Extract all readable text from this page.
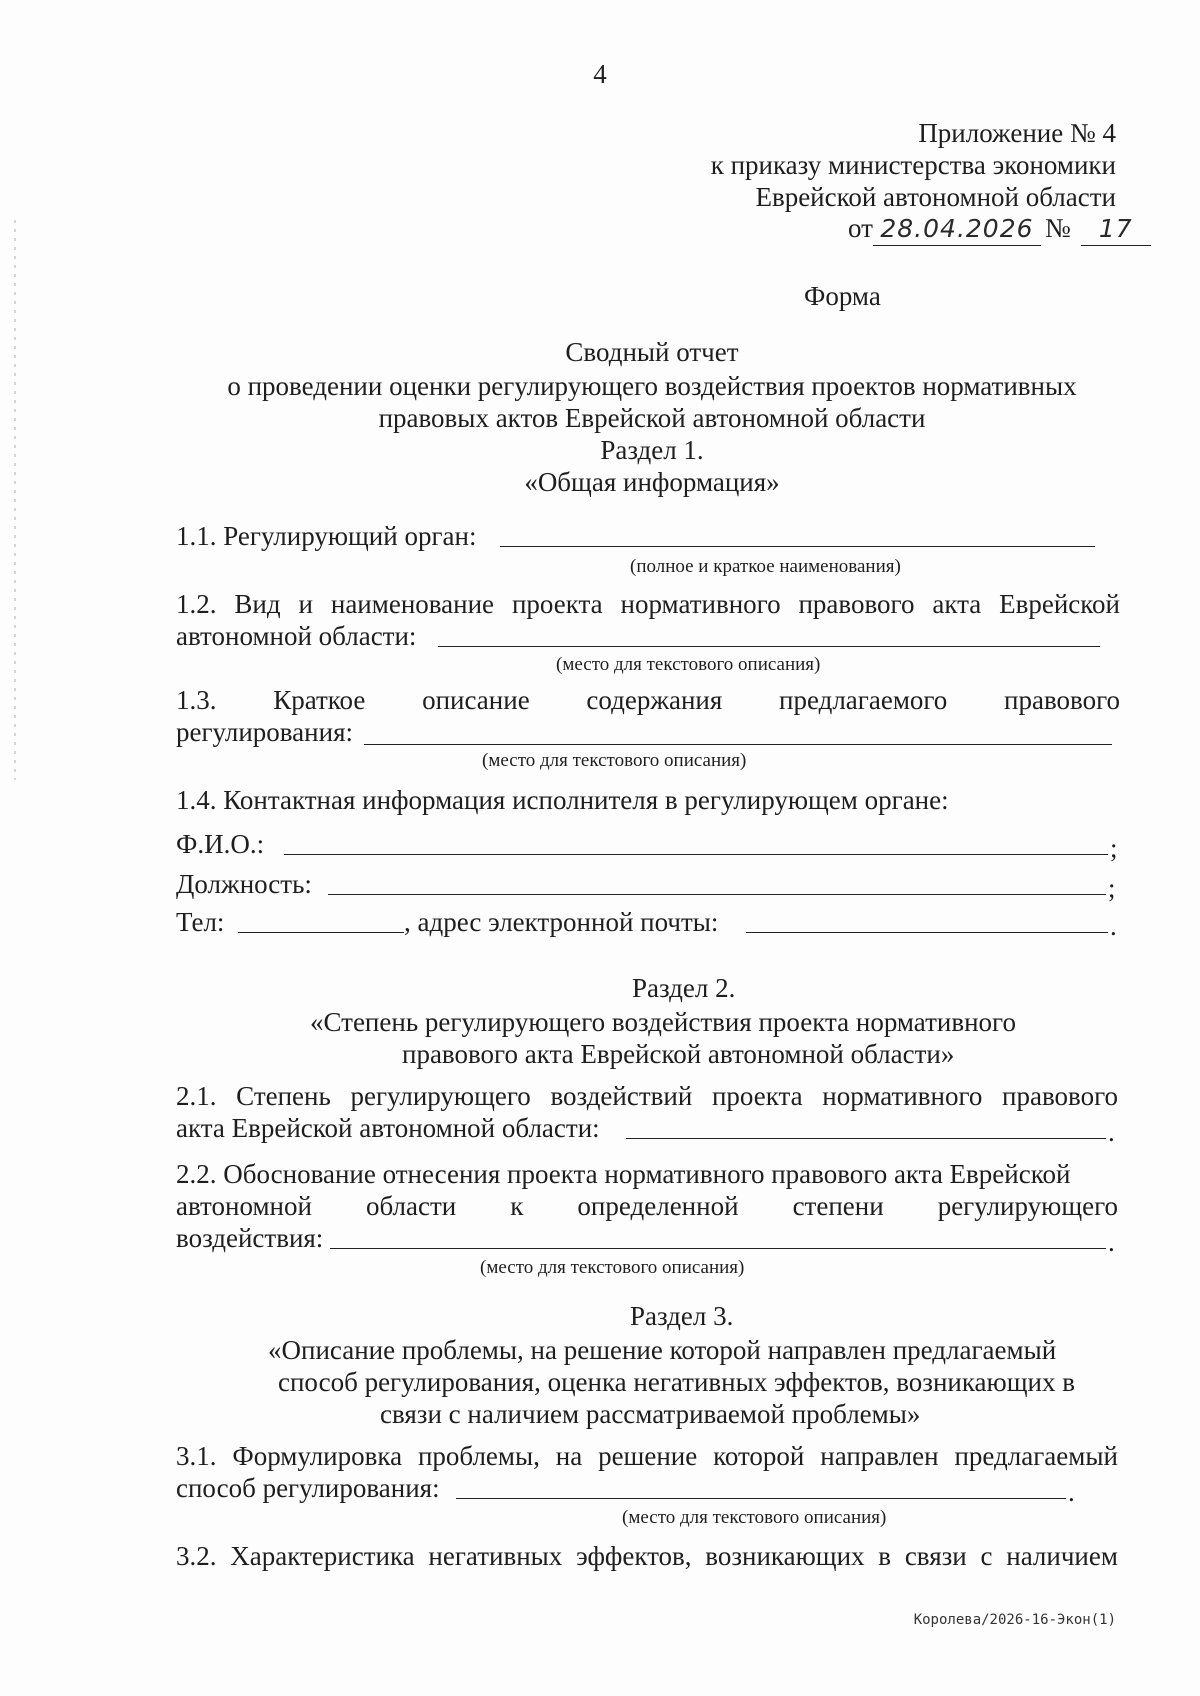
4
Приложение № 4
к приказу министерства экономики
Еврейской автономной области
от 28.04.2026 № 17
Форма
Сводный отчет
о проведении оценки регулирующего воздействия проектов нормативных
правовых актов Еврейской автономной области
Раздел 1.
«Общая информация»
1.1. Регулирующий орган:
(полное и краткое наименования)
1.2. Вид и наименование проекта нормативного правового акта Еврейской
автономной области:
(место для текстового описания)
1.3. Краткое описание содержания предлагаемого правового
регулирования:
(место для текстового описания)
1.4. Контактная информация исполнителя в регулирующем органе:
Ф.И.О.:	;
Должность:	;
Тел:	, адрес электронной почты:	.
Раздел 2.
«Степень регулирующего воздействия проекта нормативного
правового акта Еврейской автономной области»
2.1. Степень регулирующего воздействий проекта нормативного правового
акта Еврейской автономной области:	.
2.2. Обоснование отнесения проекта нормативного правового акта Еврейской
автономной области к определенной степени регулирующего
воздействия:	.
(место для текстового описания)
Раздел 3.
«Описание проблемы, на решение которой направлен предлагаемый
способ регулирования, оценка негативных эффектов, возникающих в
связи с наличием рассматриваемой проблемы»
3.1. Формулировка проблемы, на решение которой направлен предлагаемый
способ регулирования:	.
(место для текстового описания)
3.2. Характеристика негативных эффектов, возникающих в связи с наличием
Королева/2026-16-Экон(1)
